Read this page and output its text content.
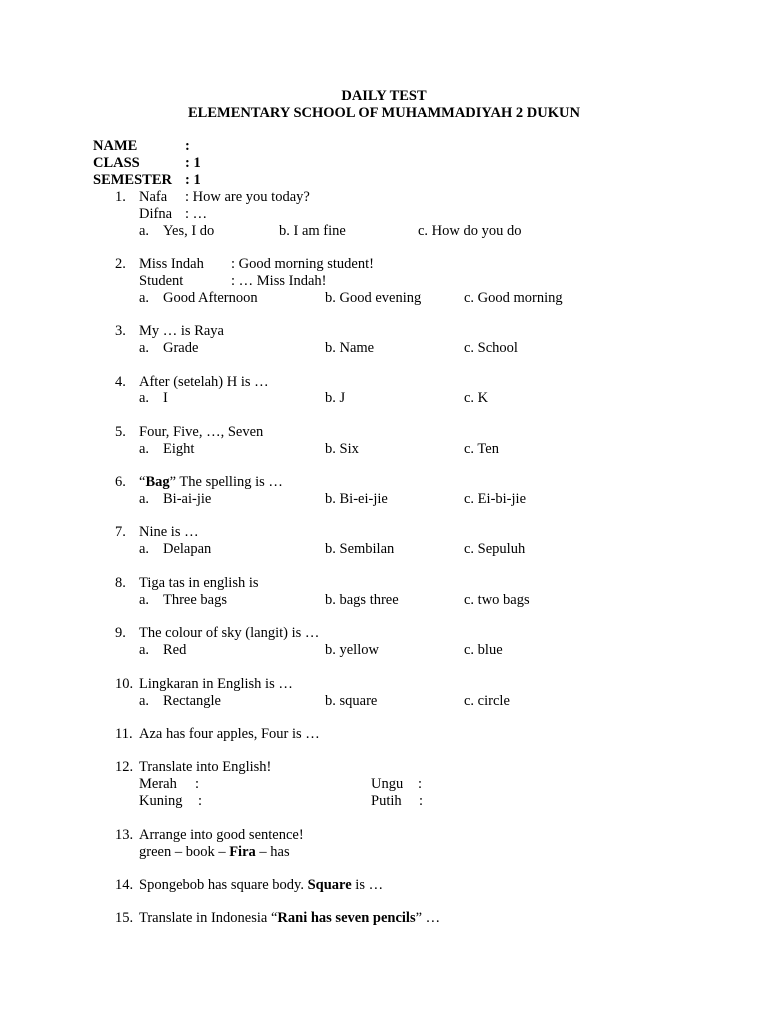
DAILY TEST
ELEMENTARY SCHOOL OF MUHAMMADIYAH 2 DUKUN
NAME	:
CLASS	: 1
SEMESTER : 1
1. Nafa : How are you today?
Difna : …
a. Yes, I do	b. I am fine	c. How do you do
2. Miss Indah : Good morning student!
Student	: … Miss Indah!
a. Good Afternoon	b. Good evening	c. Good morning
3. My … is Raya
a. Grade	b. Name	c. School
4. After (setelah) H is …
a. I	b. J	c. K
5. Four, Five, …, Seven
a. Eight	b. Six	c. Ten
6. “Bag” The spelling is …
a. Bi-ai-jie	b. Bi-ei-jie	c. Ei-bi-jie
7. Nine is …
a. Delapan	b. Sembilan	c. Sepuluh
8. Tiga tas in english is
a. Three bags	b. bags three	c. two bags
9. The colour of sky (langit) is …
a. Red	b. yellow	c. blue
10. Lingkaran in English is …
a. Rectangle	b. square	c. circle
11. Aza has four apples, Four is …
12. Translate into English!
Merah :	Ungu :
Kuning :	Putih :
13. Arrange into good sentence!
green – book – Fira – has
14. Spongebob has square body. Square is …
15. Translate in Indonesia “Rani has seven pencils” …
